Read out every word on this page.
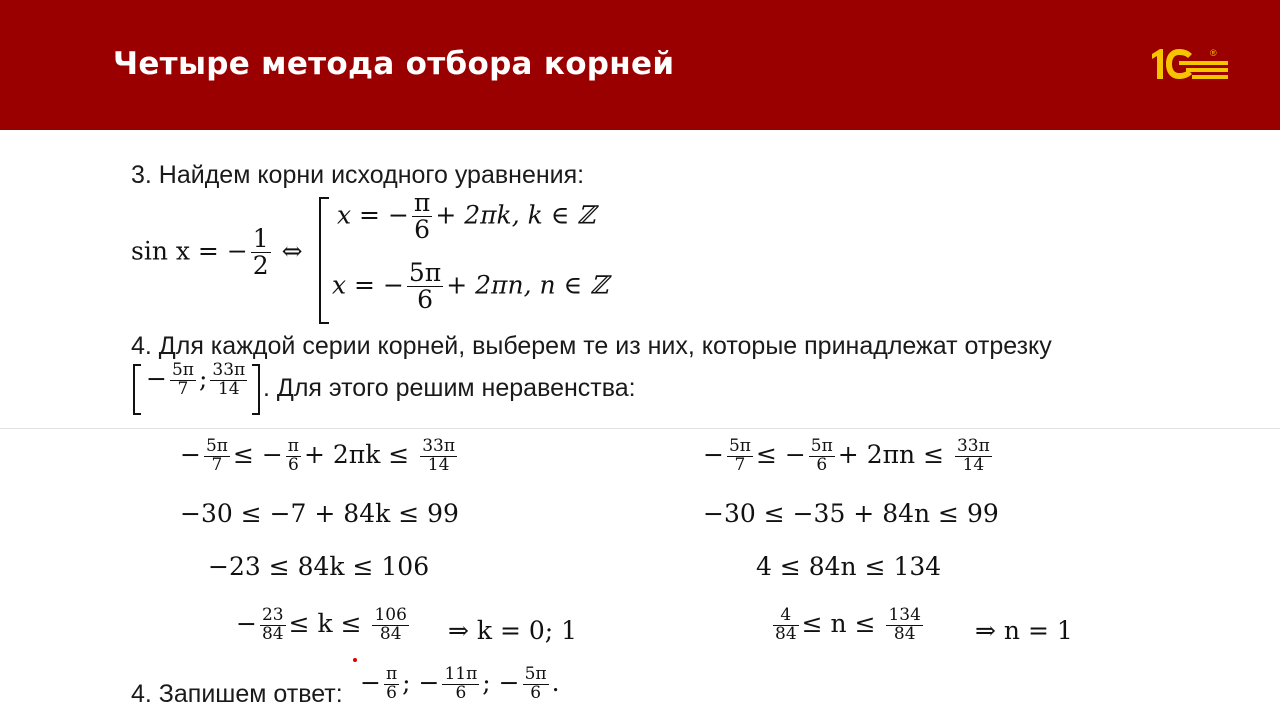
Четыре метода отбора корней	®
3. Найдем корни исходного уравнения:
sin x = − $\frac{1}{2}$ ⇔
x = − $\frac{\pi}{6} + 2\pi k$, k ∈ ℤ
x = − $\frac{5\pi}{6} + 2\pi n$, n ∈ ℤ
4. Для каждой серии корней, выберем те из них, которые принадлежат отрезку
− $\frac{5\pi}{7}$ ; $\frac{33\pi}{14}$ . Для этого решим неравенства:
− $\frac{5\pi}{7}$ ≤ − $\frac{\pi}{6} + 2\pi k \le \frac{33\pi}{14}$
−30 ≤ −7 + 84k ≤ 99
−23 ≤ 84k ≤ 106
− $\frac{23}{84} \le k \le \frac{106}{84}$ ⇒ k = 0; 1
− $\frac{5\pi}{7}$ ≤ − $\frac{5\pi}{6} + 2\pi n \le \frac{33\pi}{14}$
−30 ≤ −35 + 84n ≤ 99
4 ≤ 84n ≤ 134
$\frac{4}{84} \le n \le \frac{134}{84}$ ⇒ n = 1
4. Запишем ответ: − $\frac{\pi}{6}$ ; − $\frac{11\pi}{6}$ ; − $\frac{5\pi}{6}$ .
